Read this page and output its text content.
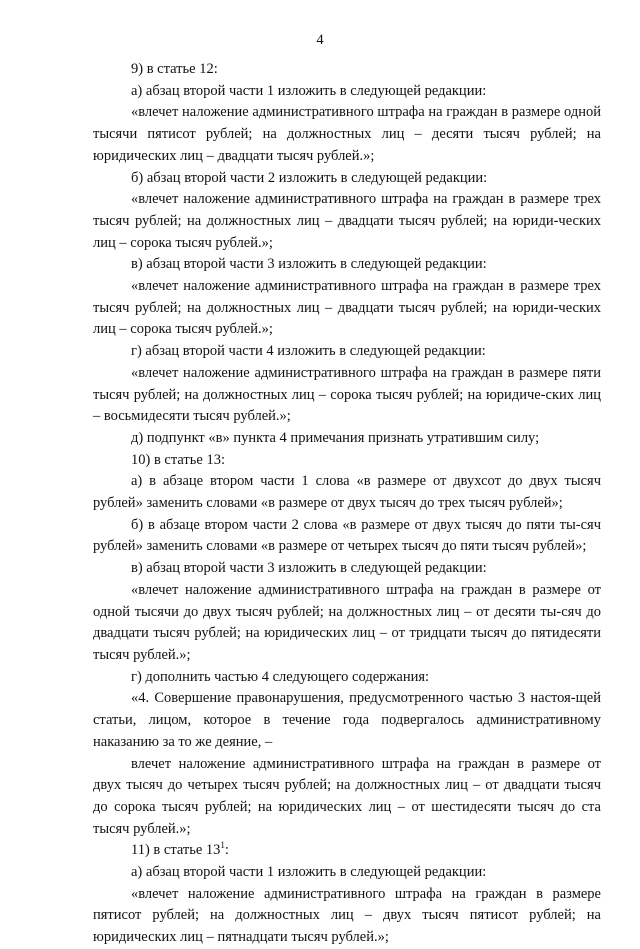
4

9) в статье 12:

а) абзац второй части 1 изложить в следующей редакции:

«влечет наложение административного штрафа на граждан в размере одной тысячи пятисот рублей; на должностных лиц – десяти тысяч рублей; на юридических лиц – двадцати тысяч рублей.»;

б) абзац второй части 2 изложить в следующей редакции:

«влечет наложение административного штрафа на граждан в размере трех тысяч рублей; на должностных лиц – двадцати тысяч рублей; на юриди-ческих лиц – сорока тысяч рублей.»;

в) абзац второй части 3 изложить в следующей редакции:

«влечет наложение административного штрафа на граждан в размере трех тысяч рублей; на должностных лиц – двадцати тысяч рублей; на юриди-ческих лиц – сорока тысяч рублей.»;

г) абзац второй части 4 изложить в следующей редакции:

«влечет наложение административного штрафа на граждан в размере пяти тысяч рублей; на должностных лиц – сорока тысяч рублей; на юридиче-ских лиц – восьмидесяти тысяч рублей.»;

д) подпункт «в» пункта 4 примечания признать утратившим силу;

10) в статье 13:

а) в абзаце втором части 1 слова «в размере от двухсот до двух тысяч рублей» заменить словами «в размере от двух тысяч до трех тысяч рублей»;

б) в абзаце втором части 2 слова «в размере от двух тысяч до пяти ты-сяч рублей» заменить словами «в размере от четырех тысяч до пяти тысяч рублей»;

в) абзац второй части 3 изложить в следующей редакции:

«влечет наложение административного штрафа на граждан в размере от одной тысячи до двух тысяч рублей; на должностных лиц – от десяти ты-сяч до двадцати тысяч рублей; на юридических лиц – от тридцати тысяч до пятидесяти тысяч рублей.»;

г) дополнить частью 4 следующего содержания:

«4. Совершение правонарушения, предусмотренного частью 3 настоя-щей статьи, лицом, которое в течение года подвергалось административному наказанию за то же деяние, –

влечет наложение административного штрафа на граждан в размере от двух тысяч до четырех тысяч рублей; на должностных лиц – от двадцати тысяч до сорока тысяч рублей; на юридических лиц – от шестидесяти тысяч до ста тысяч рублей.»;

11) в статье $13^1$:

а) абзац второй части 1 изложить в следующей редакции:

«влечет наложение административного штрафа на граждан в размере пятисот рублей; на должностных лиц – двух тысяч пятисот рублей; на юридических лиц – пятнадцати тысяч рублей.»;
